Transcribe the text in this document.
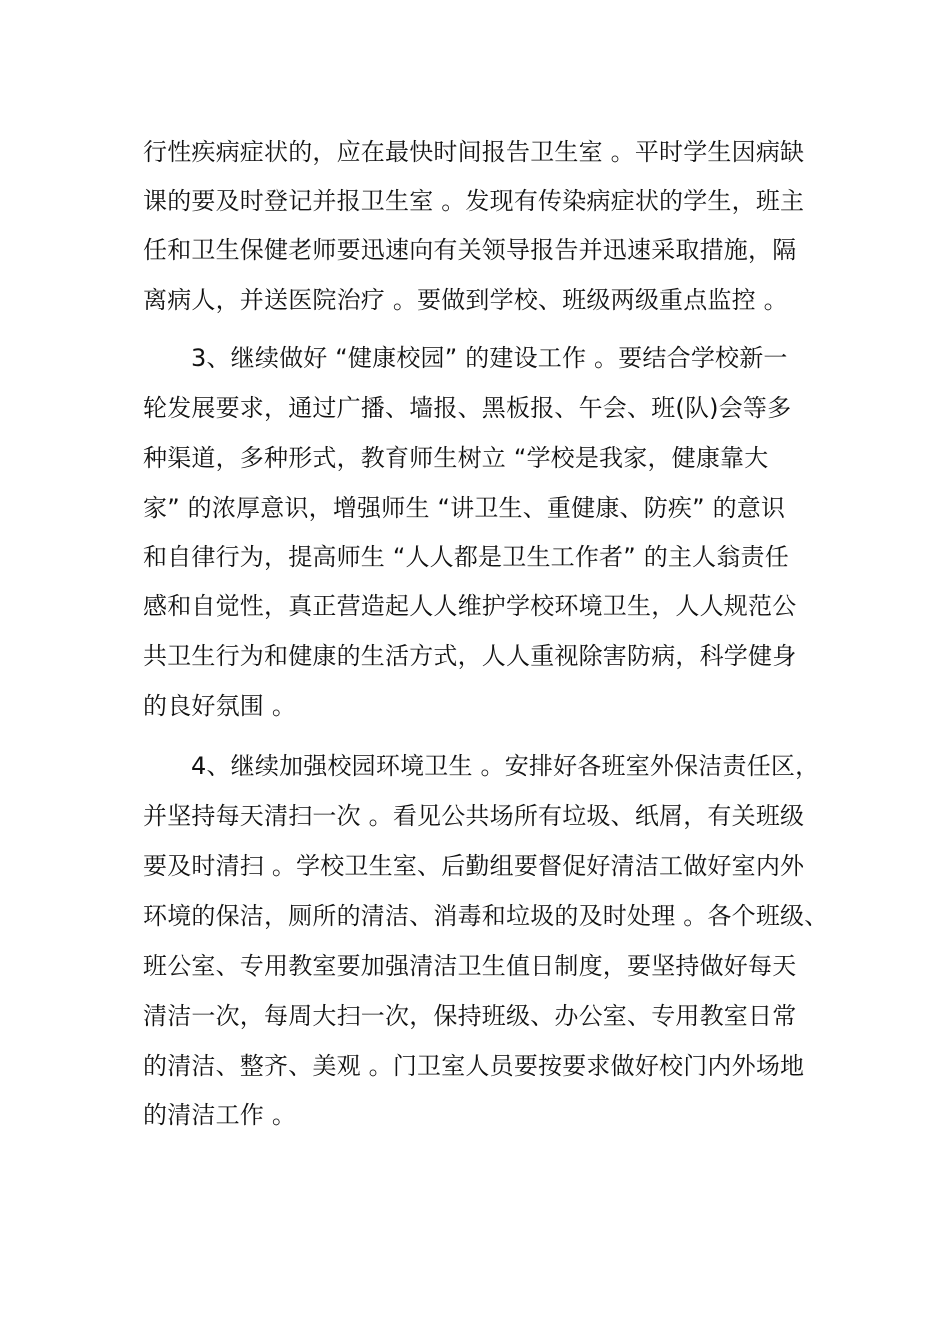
行性疾病症状的，应在最快时间报告卫生室 。平时学生因病缺
课的要及时登记并报卫生室 。发现有传染病症状的学生，班主
任和卫生保健老师要迅速向有关领导报告并迅速采取措施，隔
离病人，并送医院治疗 。要做到学校、班级两级重点监控 。
3、继续做好 “健康校园” 的建设工作 。要结合学校新一
轮发展要求，通过广播、墙报、黑板报、午会、班(队)会等多
种渠道，多种形式，教育师生树立 “学校是我家，健康靠大
家” 的浓厚意识，增强师生 “讲卫生、重健康、防疾” 的意识
和自律行为，提高师生 “人人都是卫生工作者” 的主人翁责任
感和自觉性，真正营造起人人维护学校环境卫生，人人规范公
共卫生行为和健康的生活方式，人人重视除害防病，科学健身
的良好氛围 。
4、继续加强校园环境卫生 。安排好各班室外保洁责任区，
并坚持每天清扫一次 。看见公共场所有垃圾、纸屑，有关班级
要及时清扫 。学校卫生室、后勤组要督促好清洁工做好室内外
环境的保洁，厕所的清洁、消毒和垃圾的及时处理 。各个班级、
班公室、专用教室要加强清洁卫生值日制度，要坚持做好每天
清洁一次，每周大扫一次，保持班级、办公室、专用教室日常
的清洁、整齐、美观 。门卫室人员要按要求做好校门内外场地
的清洁工作 。
